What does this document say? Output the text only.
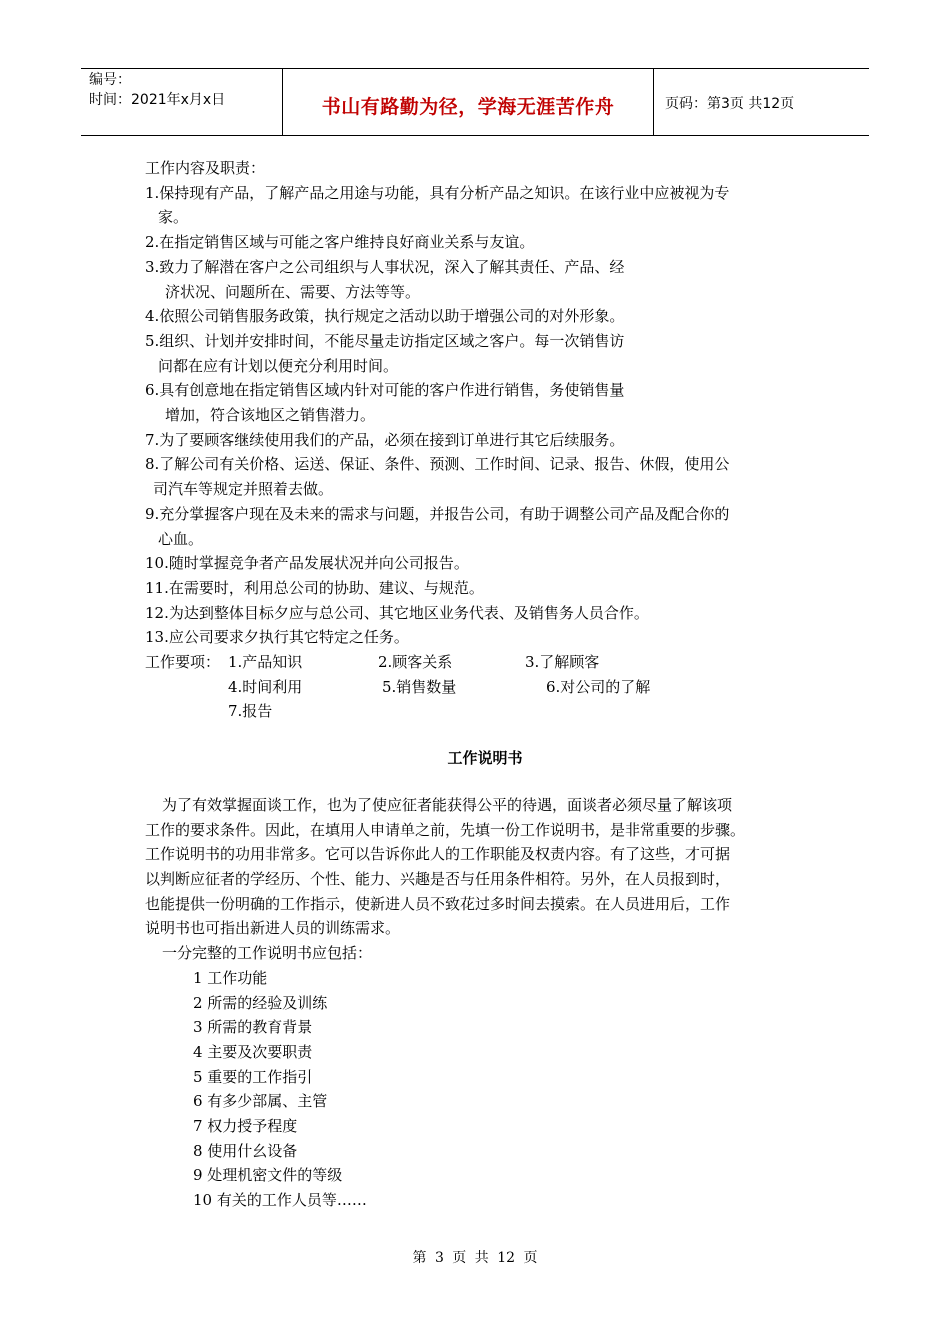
编号：
时间：2021年x月x日	书山有路勤为径，学海无涯苦作舟	页码：第3页 共12页
工作内容及职责：
1.保持现有产品，了解产品之用途与功能，具有分析产品之知识。在该行业中应被视为专
家。
2.在指定销售区域与可能之客户维持良好商业关系与友谊。
3.致力了解潜在客户之公司组织与人事状况，深入了解其责任、产品、经
济状况、问题所在、需要、方法等等。
4.依照公司销售服务政策，执行规定之活动以助于增强公司的对外形象。
5.组织、计划并安排时间，不能尽量走访指定区域之客户。每一次销售访
问都在应有计划以便充分利用时间。
6.具有创意地在指定销售区域内针对可能的客户作进行销售，务使销售量
增加，符合该地区之销售潜力。
7.为了要顾客继续使用我们的产品，必须在接到订单进行其它后续服务。
8.了解公司有关价格、运送、保证、条件、预测、工作时间、记录、报告、休假，使用公
司汽车等规定并照着去做。
9.充分掌握客户现在及未来的需求与问题，并报告公司，有助于调整公司产品及配合你的
心血。
10.随时掌握竞争者产品发展状况并向公司报告。
11.在需要时，利用总公司的协助、建议、与规范。
12.为达到整体目标夕应与总公司、其它地区业务代表、及销售务人员合作。
13.应公司要求夕执行其它特定之任务。
工作要项： 1.产品知识	2.顾客关系	3.了解顾客
4.时间利用	5.销售数量	6.对公司的了解
7.报告
工作说明书
为了有效掌握面谈工作，也为了使应征者能获得公平的待遇，面谈者必须尽量了解该项
工作的要求条件。因此，在填用人申请单之前，先填一份工作说明书，是非常重要的步骤。
工作说明书的功用非常多。它可以告诉你此人的工作职能及权责内容。有了这些，才可据
以判断应征者的学经历、个性、能力、兴趣是否与任用条件相符。另外，在人员报到时，
也能提供一份明确的工作指示，使新进人员不致花过多时间去摸索。在人员进用后，工作
说明书也可指出新进人员的训练需求。
一分完整的工作说明书应包括：
1 工作功能
2 所需的经验及训练
3 所需的教育背景
4 主要及次要职责
5 重要的工作指引
6 有多少部属、主管
7 权力授予程度
8 使用什幺设备
9 处理机密文件的等级
10 有关的工作人员等……
第 3 页 共 12 页
